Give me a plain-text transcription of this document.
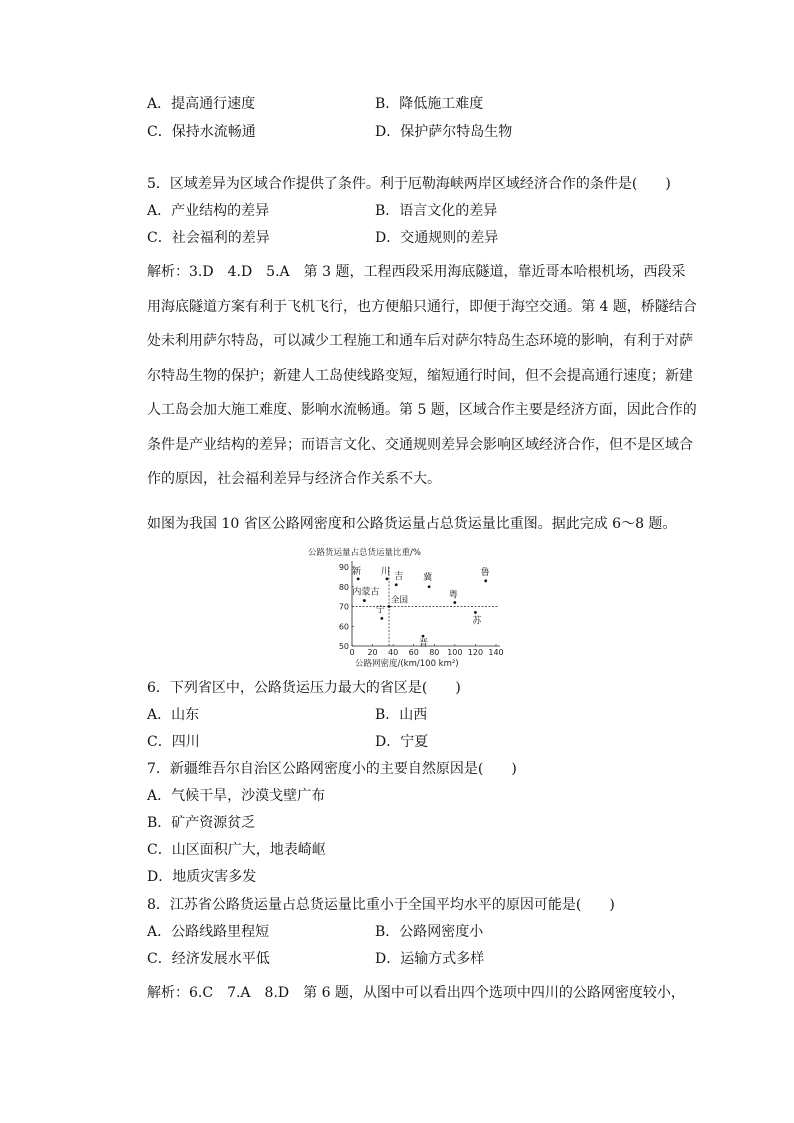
A．提高通行速度	B．降低施工难度
C．保持水流畅通	D．保护萨尔特岛生物
5．区域差异为区域合作提供了条件。利于厄勒海峡两岸区域经济合作的条件是(　　)
A．产业结构的差异	B．语言文化的差异
C．社会福利的差异	D．交通规则的差异
解析：3.D　4.D　5.A　第 3 题，工程西段采用海底隧道，靠近哥本哈根机场，西段采
用海底隧道方案有利于飞机飞行，也方便船只通行，即便于海空交通。第 4 题，桥隧结合
处未利用萨尔特岛，可以减少工程施工和通车后对萨尔特岛生态环境的影响，有利于对萨
尔特岛生物的保护；新建人工岛使线路变短，缩短通行时间，但不会提高通行速度；新建
人工岛会加大施工难度、影响水流畅通。第 5 题，区域合作主要是经济方面，因此合作的
条件是产业结构的差异；而语言文化、交通规则差异会影响区域经济合作，但不是区域合
作的原因，社会福利差异与经济合作关系不大。
如图为我国 10 省区公路网密度和公路货运量占总货运量比重图。据此完成 6～8 题。
公路货运量占总货运量比重/%
公路网密度/(km/100 km²)
0 20 40 60 80 100 120 140
50
60
70
80
90
全国
新 川 吉 冀	鲁
内蒙古
宁
晋
粤
苏
6．下列省区中，公路货运压力最大的省区是(　　)
A．山东	B．山西
C．四川	D．宁夏
7．新疆维吾尔自治区公路网密度小的主要自然原因是(　　)
A．气候干旱，沙漠戈壁广布
B．矿产资源贫乏
C．山区面积广大，地表崎岖
D．地质灾害多发
8．江苏省公路货运量占总货运量比重小于全国平均水平的原因可能是(　　)
A．公路线路里程短	B．公路网密度小
C．经济发展水平低	D．运输方式多样
解析：6.C　7.A　8.D　第 6 题，从图中可以看出四个选项中四川的公路网密度较小，
